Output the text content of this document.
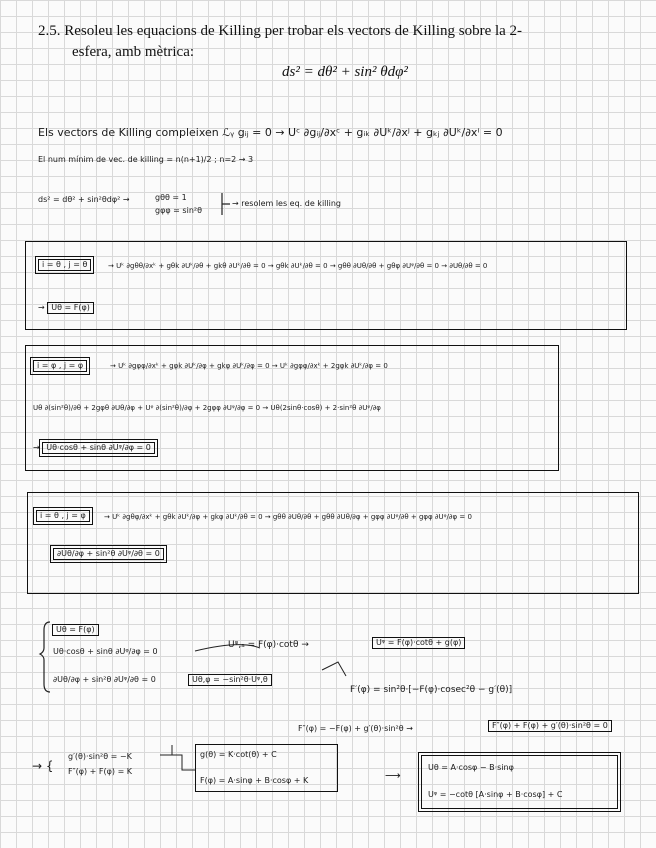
2.5. Resoleu les equacions de Killing per trobar els vectors de Killing sobre la 2-
esfera, amb mètrica:
ds² = dθ² + sin² θdφ²
Els vectors de Killing compleixen ℒᵧ gᵢⱼ = 0 → Uᶜ ∂gᵢⱼ/∂xᶜ + gᵢₖ ∂Uᵏ/∂xʲ + gₖⱼ ∂Uᵏ/∂xⁱ = 0
El num mínim de vec. de killing = n(n+1)/2 ; n=2 → 3
ds² = dθ² + sin²θdφ² →	gθθ = 1
gφφ = sin²θ
→ resolem les eq. de killing
i = θ , j = θ	→ Uᵏ ∂gθθ/∂xᵏ + gθk ∂Uᵏ/∂θ + gkθ ∂Uᵏ/∂θ = 0 → gθk ∂Uᵏ/∂θ = 0 → gθθ ∂Uθ/∂θ + gθφ ∂Uᵠ/∂θ = 0 → ∂Uθ/∂θ = 0
→ Uθ = F(φ)
i = φ , j = φ	→ Uᵏ ∂gφφ/∂xᵏ + gφk ∂Uᵏ/∂φ + gkφ ∂Uᵏ/∂φ = 0 → Uᵏ ∂gφφ/∂xᵏ + 2gφk ∂Uᵏ/∂φ = 0
Uθ ∂(sin²θ)/∂θ + 2gφθ ∂Uθ/∂φ + Uᵠ ∂(sin²θ)/∂φ + 2gφφ ∂Uᵠ/∂φ = 0 → Uθ(2sinθ·cosθ) + 2·sin²θ ∂Uᵠ/∂φ
→ Uθ·cosθ + sinθ ∂Uᵠ/∂φ = 0
i = θ , j = φ	→ Uᵏ ∂gθφ/∂xᵏ + gθk ∂Uᵏ/∂φ + gkφ ∂Uᵏ/∂θ = 0 → gθθ ∂Uθ/∂θ + gθθ ∂Uθ/∂φ + gφφ ∂Uᵠ/∂θ + gφφ ∂Uᵠ/∂φ = 0
∂Uθ/∂φ + sin²θ ∂Uᵠ/∂θ = 0
Uθ = F(φ)
Uθ·cosθ + sinθ ∂Uᵠ/∂φ = 0
Uᵠ,ₐ = F(φ)·cotθ →	Uᵠ = F(φ)·cotθ + g(φ)
∂Uθ/∂φ + sin²θ ∂Uᵠ/∂θ = 0	Uθ,φ = −sin²θ·Uᵠ,θ
F′(φ) = sin²θ·[−F(φ)·cosec²θ − g′(θ)]
F″(φ) = −F(φ) + g′(θ)·sin²θ →	F″(φ) + F(φ) + g′(θ)·sin²θ = 0
→ {
g′(θ)·sin²θ = −K
F″(φ) + F(φ) = K
g(θ) = K·cot(θ) + C
F(φ) = A·sinφ + B·cosφ + K	⟶
Uθ = A·cosφ − B·sinφ
Uᵠ = −cotθ [A·sinφ + B·cosφ] + C
